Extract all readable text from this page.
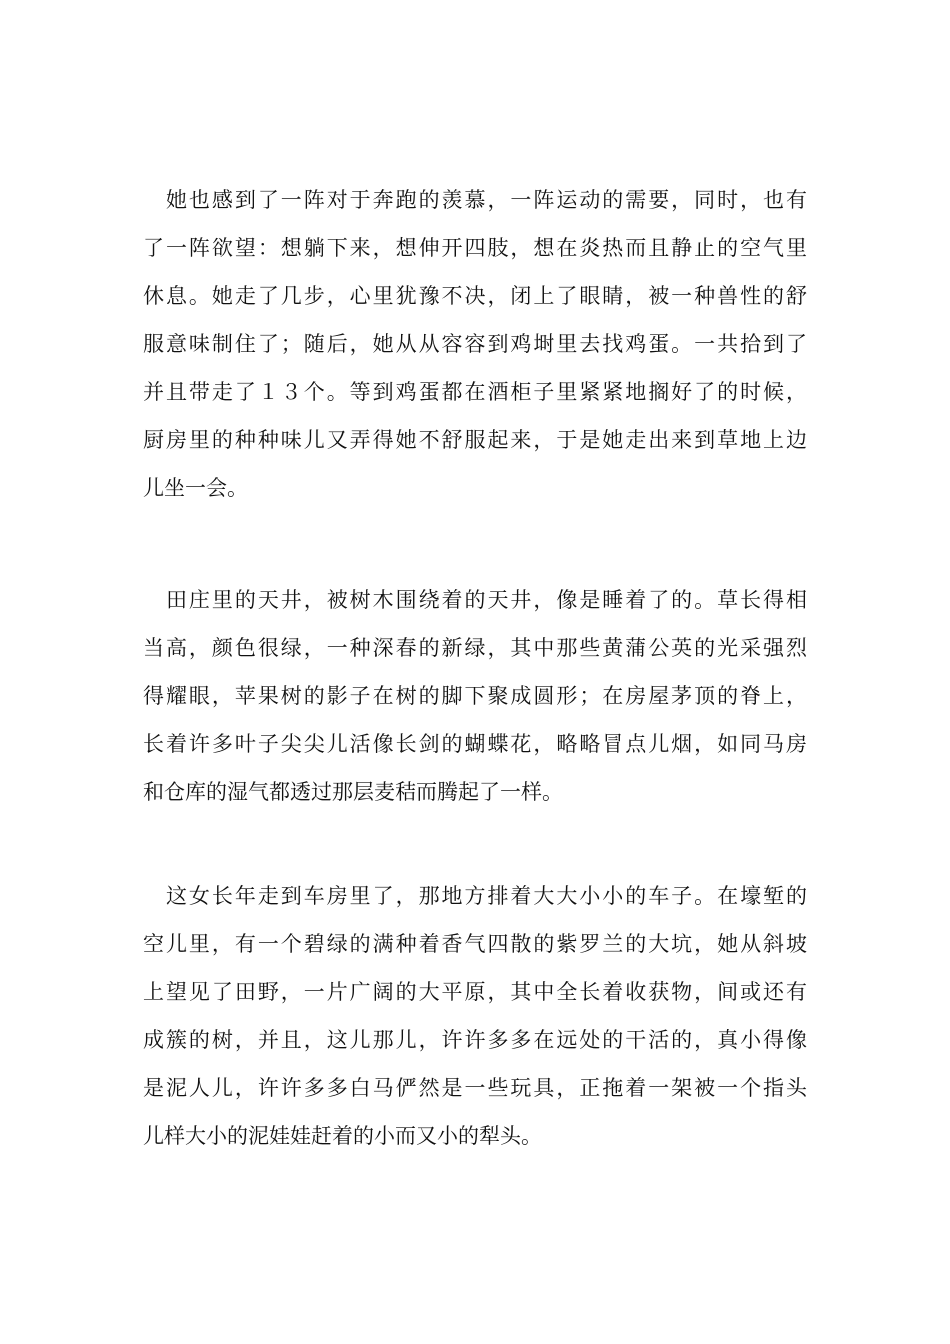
　她也感到了一阵对于奔跑的羡慕，一阵运动的需要，同时，也有
了一阵欲望：想躺下来，想伸开四肢，想在炎热而且静止的空气里
休息。她走了几步，心里犹豫不决，闭上了眼睛，被一种兽性的舒
服意味制住了；随后，她从从容容到鸡埘里去找鸡蛋。一共拾到了
并且带走了１３个。等到鸡蛋都在酒柜子里紧紧地搁好了的时候，
厨房里的种种味儿又弄得她不舒服起来，于是她走出来到草地上边
儿坐一会。
　田庄里的天井，被树木围绕着的天井，像是睡着了的。草长得相
当高，颜色很绿，一种深春的新绿，其中那些黄蒲公英的光采强烈
得耀眼，苹果树的影子在树的脚下聚成圆形；在房屋茅顶的脊上，
长着许多叶子尖尖儿活像长剑的蝴蝶花，略略冒点儿烟，如同马房
和仓库的湿气都透过那层麦秸而腾起了一样。
　这女长年走到车房里了，那地方排着大大小小的车子。在壕堑的
空儿里，有一个碧绿的满种着香气四散的紫罗兰的大坑，她从斜坡
上望见了田野，一片广阔的大平原，其中全长着收获物，间或还有
成簇的树，并且，这儿那儿，许许多多在远处的干活的，真小得像
是泥人儿，许许多多白马俨然是一些玩具，正拖着一架被一个指头
儿样大小的泥娃娃赶着的小而又小的犁头。
